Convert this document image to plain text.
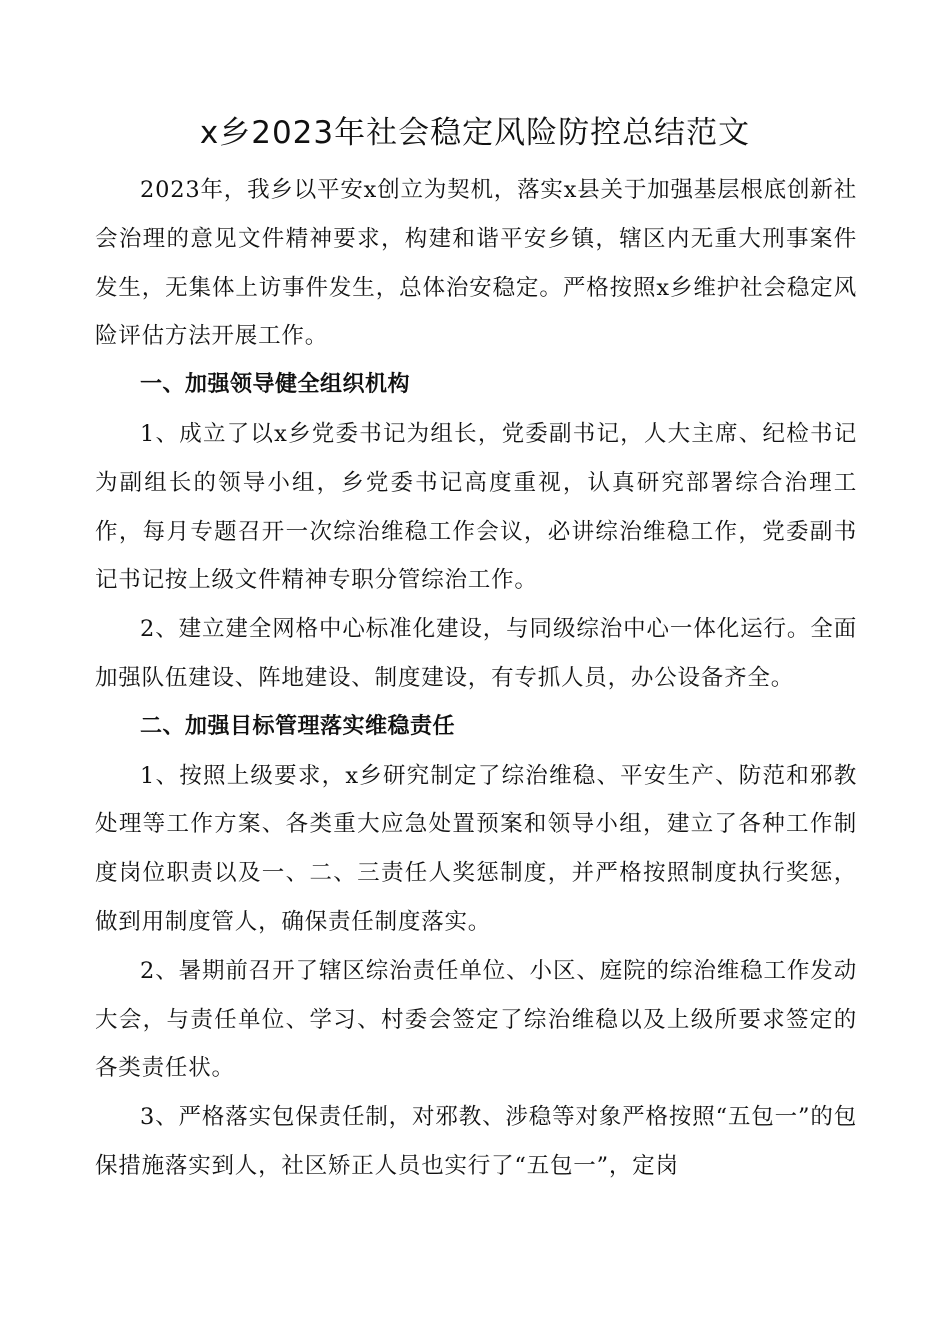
x乡2023年社会稳定风险防控总结范文

2023年，我乡以平安x创立为契机，落实x县关于加强基层根底创新社会治理的意见文件精神要求，构建和谐平安乡镇，辖区内无重大刑事案件发生，无集体上访事件发生，总体治安稳定。严格按照x乡维护社会稳定风险评估方法开展工作。

一、加强领导健全组织机构

1、成立了以x乡党委书记为组长，党委副书记，人大主席、纪检书记为副组长的领导小组，乡党委书记高度重视，认真研究部署综合治理工作，每月专题召开一次综治维稳工作会议，必讲综治维稳工作，党委副书记书记按上级文件精神专职分管综治工作。

2、建立建全网格中心标准化建设，与同级综治中心一体化运行。全面加强队伍建设、阵地建设、制度建设，有专抓人员，办公设备齐全。

二、加强目标管理落实维稳责任

1、按照上级要求，x乡研究制定了综治维稳、平安生产、防范和邪教处理等工作方案、各类重大应急处置预案和领导小组，建立了各种工作制度岗位职责以及一、二、三责任人奖惩制度，并严格按照制度执行奖惩，做到用制度管人，确保责任制度落实。

2、暑期前召开了辖区综治责任单位、小区、庭院的综治维稳工作发动大会，与责任单位、学习、村委会签定了综治维稳以及上级所要求签定的各类责任状。

3、严格落实包保责任制，对邪教、涉稳等对象严格按照“五包一”的包保措施落实到人，社区矫正人员也实行了“五包一”，定岗
